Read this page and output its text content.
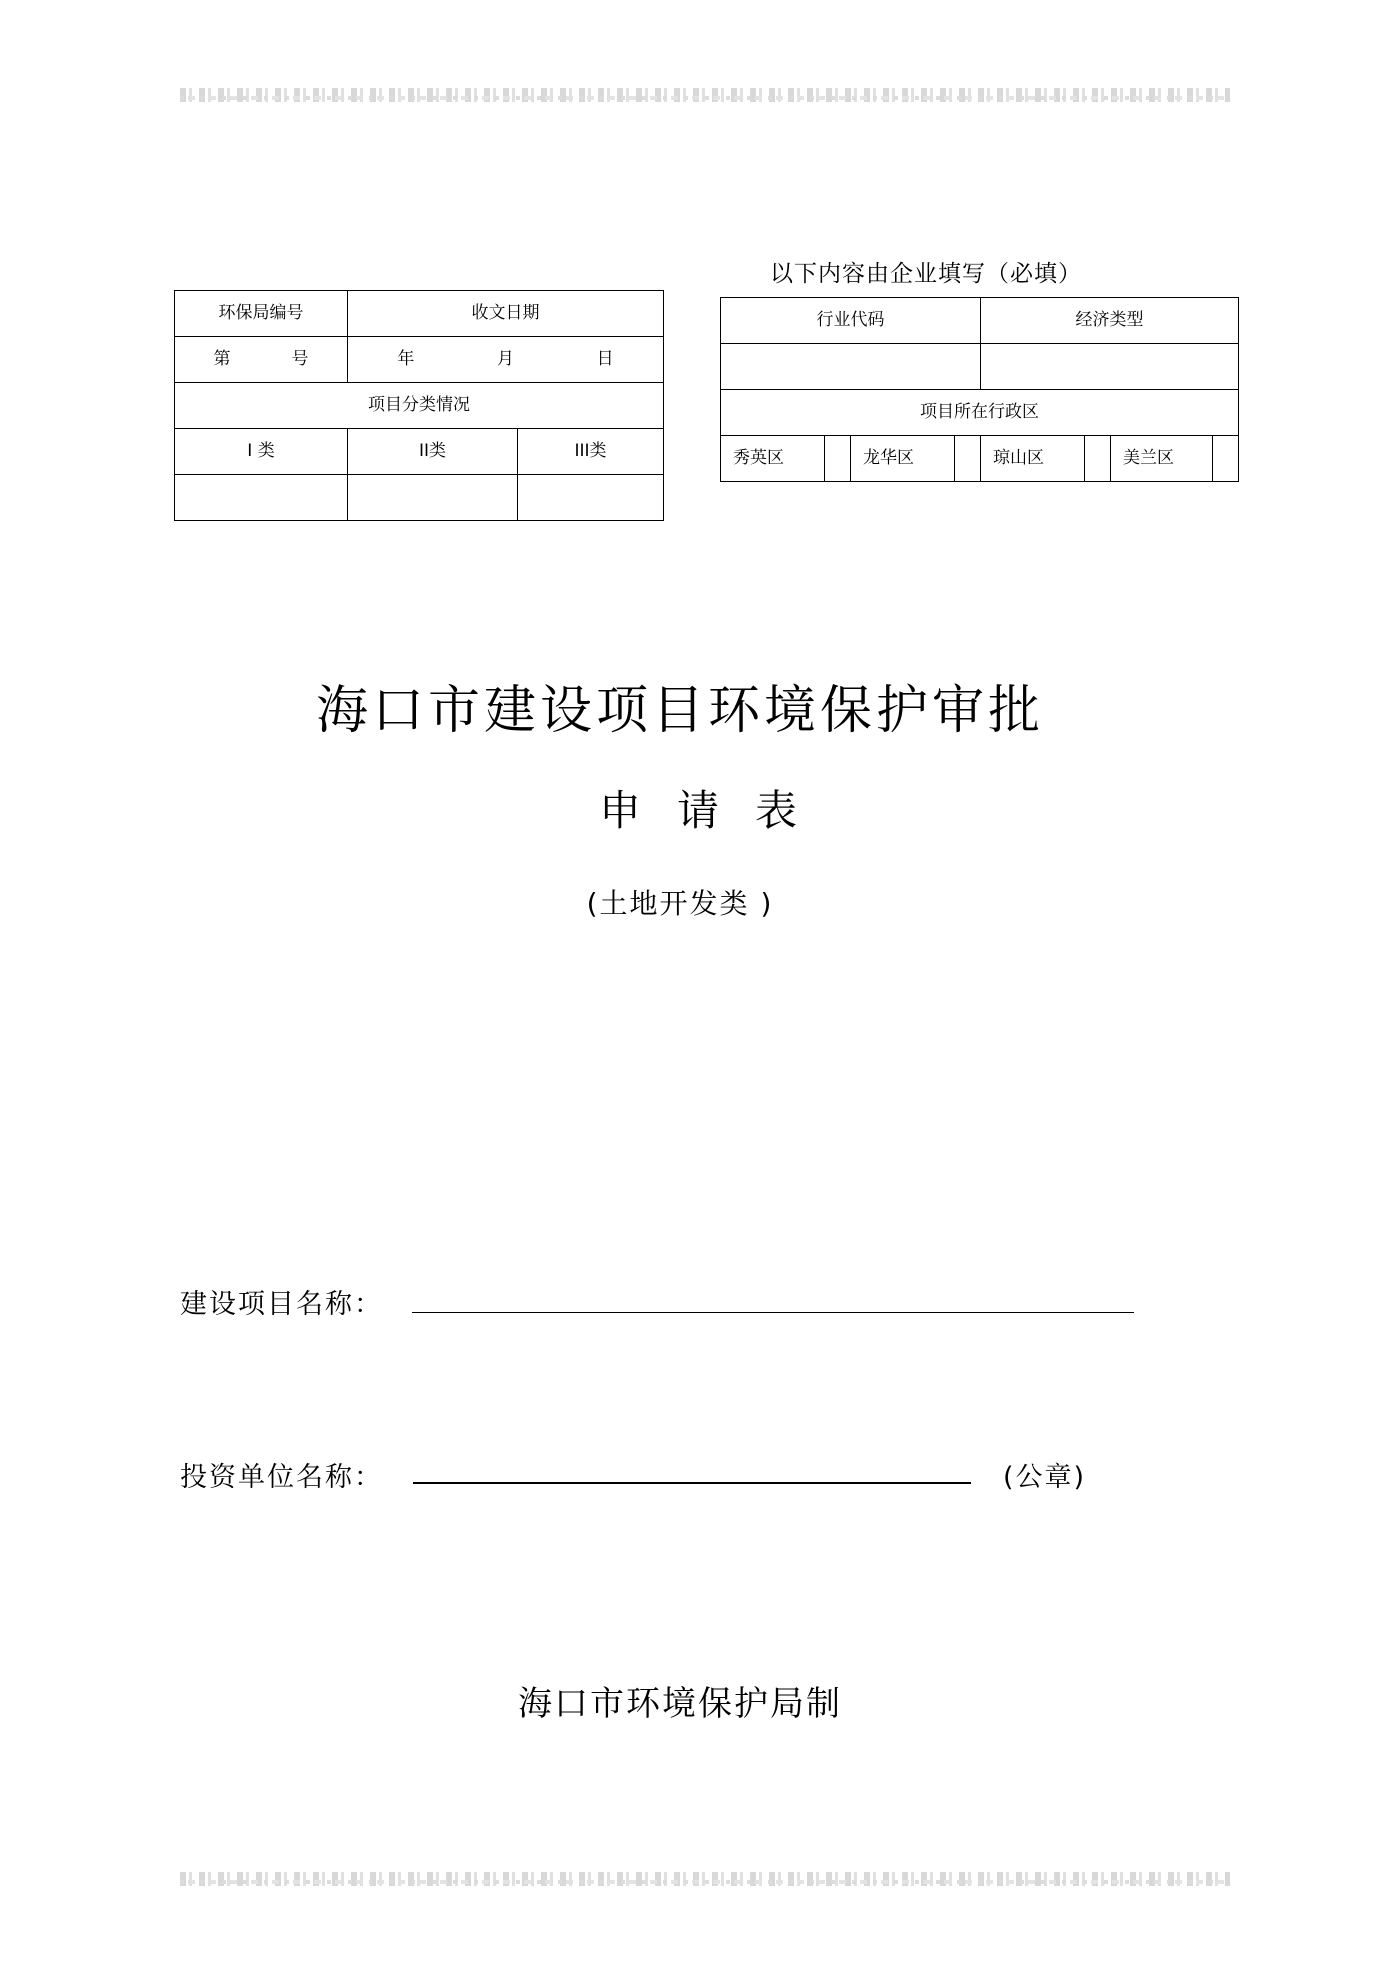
环保局编号	收文日期	

第 号	年 月 日	

项目分类情况		
I 类	II类	III类

以下内容由企业填写（必填）
行业代码				经济类型			

项目所在行政区							
秀英区		龙华区		琼山区		美兰区	
海口市建设项目环境保护审批
申请表
(土地开发类 )
建设项目名称：
投资单位名称：	(公章)
海口市环境保护局制
